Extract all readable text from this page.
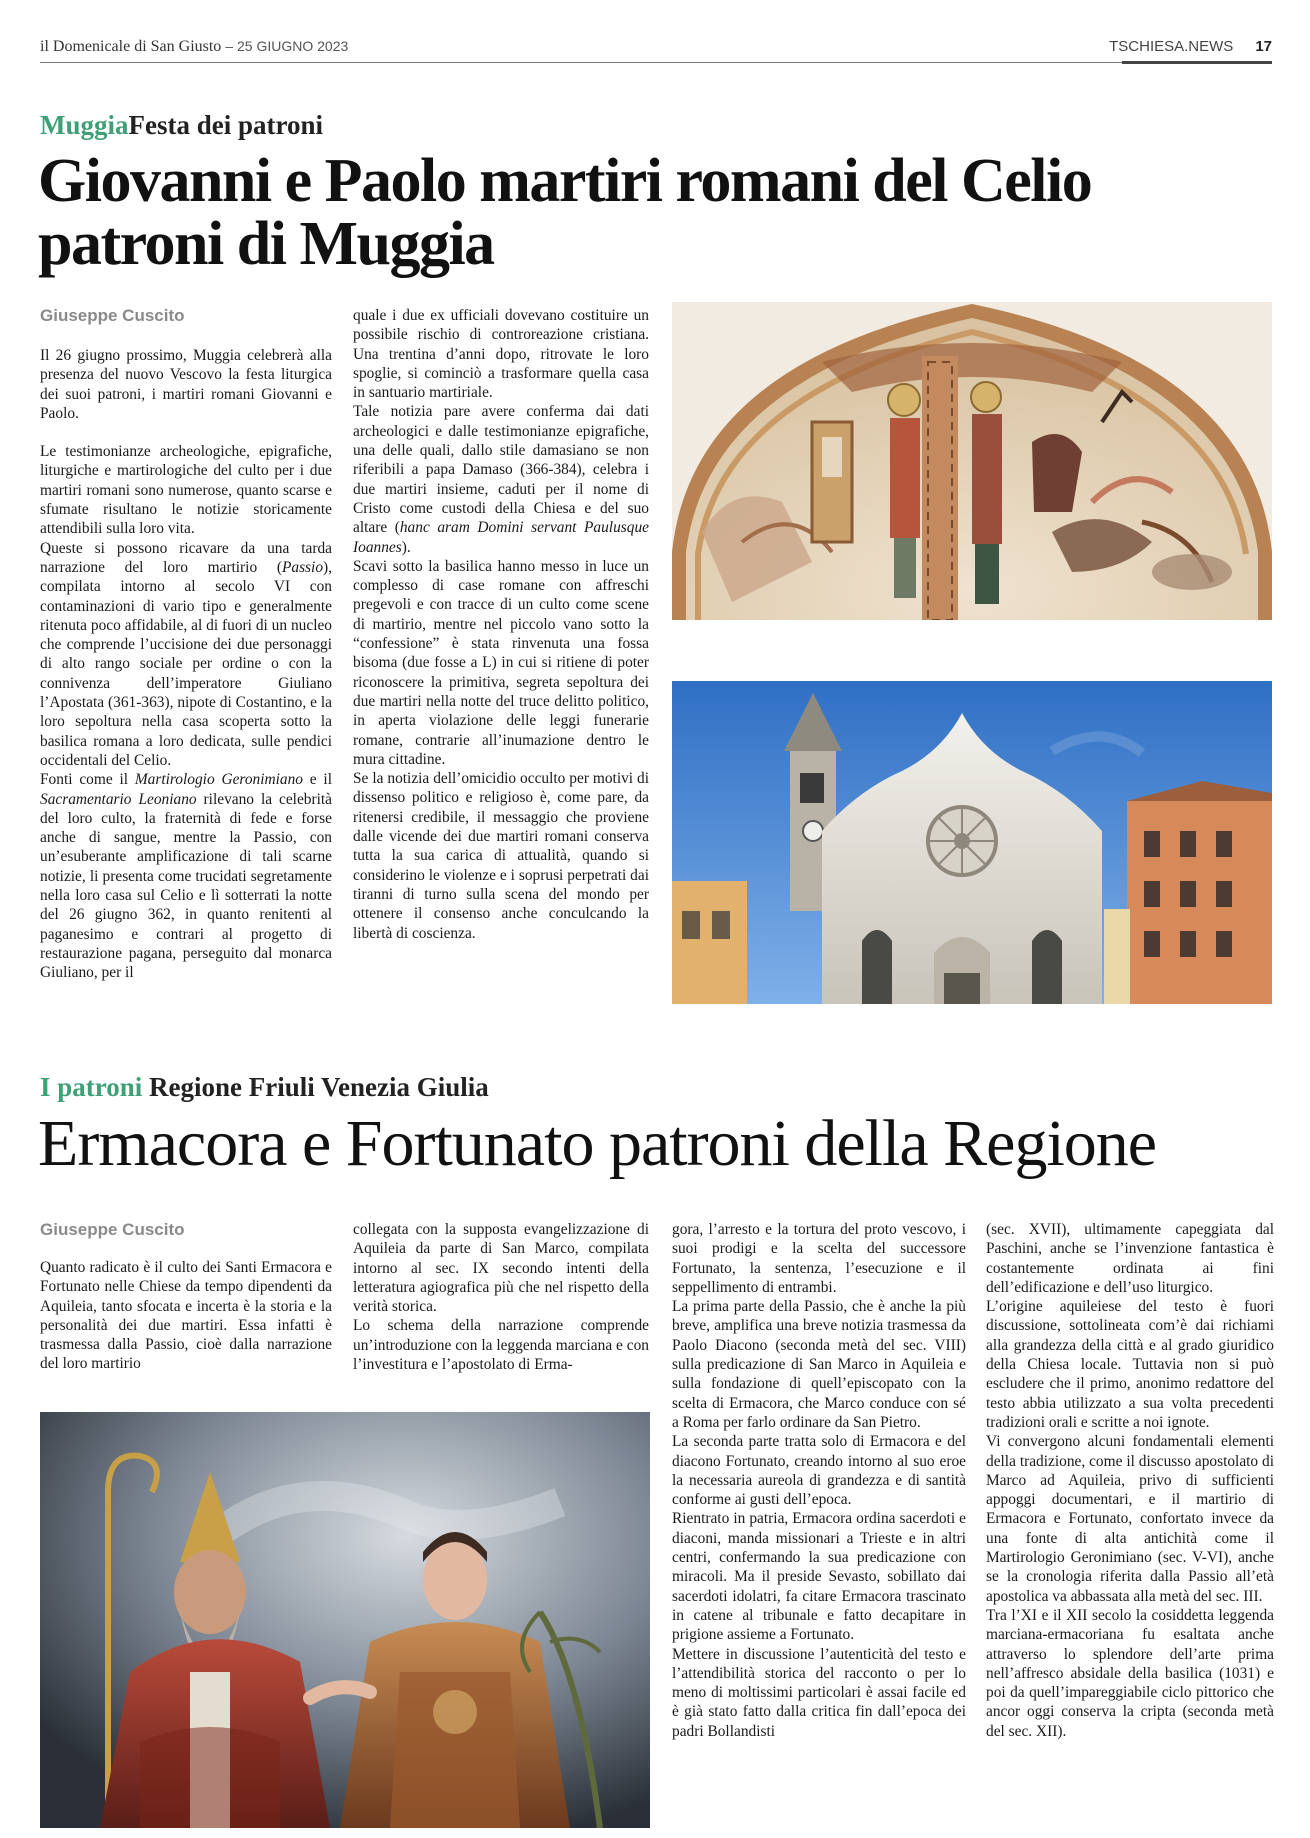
il Domenicale di San Giusto – 25 GIUGNO 2023	TSCHIESA.NEWS 17
MuggiaFesta dei patroni
Giovanni e Paolo martiri romani del Celio
patroni di Muggia
Giuseppe Cuscito

Il 26 giugno prossimo, Muggia celebrerà alla presenza del nuovo Vescovo la festa liturgica dei suoi patroni, i martiri romani Giovanni e Paolo.

Le testimonianze archeologiche, epigrafiche, liturgiche e martirologiche del culto per i due martiri romani sono numerose, quanto scarse e sfumate risultano le notizie storicamente attendibili sulla loro vita.

Queste si possono ricavare da una tarda narrazione del loro martirio (Passio), compilata intorno al secolo VI con contaminazioni di vario tipo e generalmente ritenuta poco affidabile, al di fuori di un nucleo che comprende l’uccisione dei due personaggi di alto rango sociale per ordine o con la connivenza dell’imperatore Giuliano l’Apostata (361-363), nipote di Costantino, e la loro sepoltura nella casa scoperta sotto la basilica romana a loro dedicata, sulle pendici occidentali del Celio.

Fonti come il Martirologio Geronimiano e il Sacramentario Leoniano rilevano la celebrità del loro culto, la fraternità di fede e forse anche di sangue, mentre la Passio, con un’esuberante amplificazione di tali scarne notizie, li presenta come trucidati segretamente nella loro casa sul Celio e lì sotterrati la notte del 26 giugno 362, in quanto renitenti al paganesimo e contrari al progetto di restaurazione pagana, perseguito dal monarca Giuliano, per il

quale i due ex ufficiali dovevano costituire un possibile rischio di controreazione cristiana. Una trentina d’anni dopo, ritrovate le loro spoglie, si cominciò a trasformare quella casa in santuario martiriale.

Tale notizia pare avere conferma dai dati archeologici e dalle testimonianze epigrafiche, una delle quali, dallo stile damasiano se non riferibili a papa Damaso (366-384), celebra i due martiri insieme, caduti per il nome di Cristo come custodi della Chiesa e del suo altare (hanc aram Domini servant Paulusque Ioannes).

Scavi sotto la basilica hanno messo in luce un complesso di case romane con affreschi pregevoli e con tracce di un culto come scene di martirio, mentre nel piccolo vano sotto la “confessione” è stata rinvenuta una fossa bisoma (due fosse a L) in cui si ritiene di poter riconoscere la primitiva, segreta sepoltura dei due martiri nella notte del truce delitto politico, in aperta violazione delle leggi funerarie romane, contrarie all’inumazione dentro le mura cittadine.

Se la notizia dell’omicidio occulto per motivi di dissenso politico e religioso è, come pare, da ritenersi credibile, il messaggio che proviene dalle vicende dei due martiri romani conserva tutta la sua carica di attualità, quando si considerino le violenze e i soprusi perpetrati dai tiranni di turno sulla scena del mondo per ottenere il consenso anche conculcando la libertà di coscienza.

I patroni Regione Friuli Venezia Giulia
Ermacora e Fortunato patroni della Regione
Giuseppe Cuscito

Quanto radicato è il culto dei Santi Ermacora e Fortunato nelle Chiese da tempo dipendenti da Aquileia, tanto sfocata e incerta è la storia e la personalità dei due martiri. Essa infatti è trasmessa dalla Passio, cioè dalla narrazione del loro martirio

collegata con la supposta evangelizzazione di Aquileia da parte di San Marco, compilata intorno al sec. IX secondo intenti della letteratura agiografica più che nel rispetto della verità storica.

Lo schema della narrazione comprende un’introduzione con la leggenda marciana e con l’investitura e l’apostolato di Erma-

gora, l’arresto e la tortura del proto vescovo, i suoi prodigi e la scelta del successore Fortunato, la sentenza, l’esecuzione e il seppellimento di entrambi.

La prima parte della Passio, che è anche la più breve, amplifica una breve notizia trasmessa da Paolo Diacono (seconda metà del sec. VIII) sulla predicazione di San Marco in Aquileia e sulla fondazione di quell’episcopato con la scelta di Ermacora, che Marco conduce con sé a Roma per farlo ordinare da San Pietro.

La seconda parte tratta solo di Ermacora e del diacono Fortunato, creando intorno al suo eroe la necessaria aureola di grandezza e di santità conforme ai gusti dell’epoca.

Rientrato in patria, Ermacora ordina sacerdoti e diaconi, manda missionari a Trieste e in altri centri, confermando la sua predicazione con miracoli. Ma il preside Sevasto, sobillato dai sacerdoti idolatri, fa citare Ermacora trascinato in catene al tribunale e fatto decapitare in prigione assieme a Fortunato.

Mettere in discussione l’autenticità del testo e l’attendibilità storica del racconto o per lo meno di moltissimi particolari è assai facile ed è già stato fatto dalla critica fin dall’epoca dei padri Bollandisti

(sec. XVII), ultimamente capeggiata dal Paschini, anche se l’invenzione fantastica è costantemente ordinata ai fini dell’edificazione e dell’uso liturgico.

L’origine aquileiese del testo è fuori discussione, sottolineata com’è dai richiami alla grandezza della città e al grado giuridico della Chiesa locale. Tuttavia non si può escludere che il primo, anonimo redattore del testo abbia utilizzato a sua volta precedenti tradizioni orali e scritte a noi ignote.

Vi convergono alcuni fondamentali elementi della tradizione, come il discusso apostolato di Marco ad Aquileia, privo di sufficienti appoggi documentari, e il martirio di Ermacora e Fortunato, confortato invece da una fonte di alta antichità come il Martirologio Geronimiano (sec. V-VI), anche se la cronologia riferita dalla Passio all’età apostolica va abbassata alla metà del sec. III.

Tra l’XI e il XII secolo la cosiddetta leggenda marciana-ermacoriana fu esaltata anche attraverso lo splendore dell’arte prima nell’affresco absidale della basilica (1031) e poi da quell’impareggiabile ciclo pittorico che ancor oggi conserva la cripta (seconda metà del sec. XII).
